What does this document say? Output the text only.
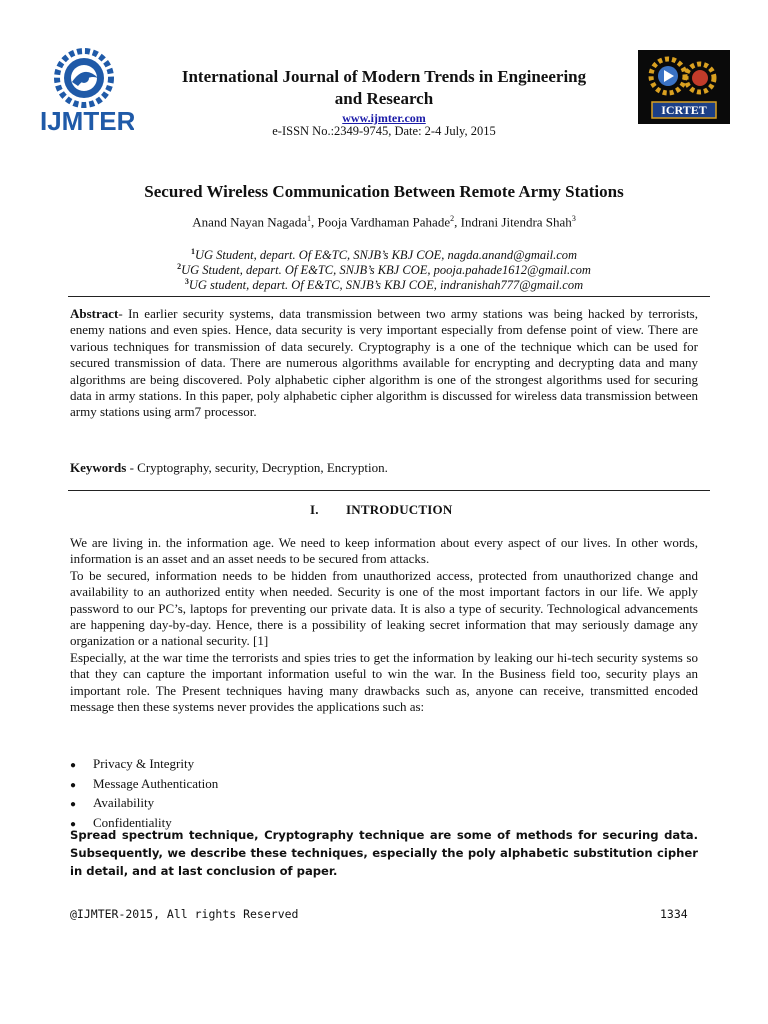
IJMTER
International Journal of Modern Trends in Engineering
and Research
www.ijmter.com
e-ISSN No.:2349-9745, Date: 2-4 July, 2015
ICRTET
Secured Wireless Communication Between Remote Army Stations
Anand Nayan Nagada$^1$, Pooja Vardhaman Pahade$^2$, Indrani Jitendra Shah$^3$
$^1$UG Student, depart. Of E&TC, SNJB’s KBJ COE, nagda.anand@gmail.com
$^2$UG Student, depart. Of E&TC, SNJB’s KBJ COE, pooja.pahade1612@gmail.com
$^3$UG student, depart. Of E&TC, SNJB’s KBJ COE, indranishah777@gmail.com
Abstract- In earlier security systems, data transmission between two army stations was being hacked by terrorists, enemy nations and even spies. Hence, data security is very important especially from defense point of view. There are various techniques for transmission of data securely. Cryptography is a one of the technique which can be used for secured transmission of data. There are numerous algorithms available for encrypting and decrypting data and many algorithms are being discovered. Poly alphabetic cipher algorithm is one of the strongest algorithms used for securing data in army stations. In this paper, poly alphabetic cipher algorithm is discussed for wireless data transmission between army stations using arm7 processor.
Keywords - Cryptography, security, Decryption, Encryption.
I. INTRODUCTION

We are living in. the information age. We need to keep information about every aspect of our lives. In other words, information is an asset and an asset needs to be secured from attacks.

To be secured, information needs to be hidden from unauthorized access, protected from unauthorized change and availability to an authorized entity when needed. Security is one of the most important factors in our life. We apply password to our PC’s, laptops for preventing our private data. It is also a type of security. Technological advancements are happening day-by-day. Hence, there is a possibility of leaking secret information that may seriously damage any organization or a national security. [1]

Especially, at the war time the terrorists and spies tries to get the information by leaking our hi-tech security systems so that they can capture the important information useful to win the war. In the Business field too, security plays an important role. The Present techniques having many drawbacks such as, anyone can receive, transmitted encoded message then these systems never provides the applications such as:

●	Privacy & Integrity
●	Message Authentication
●	Availability
●	Confidentiality
Spread spectrum technique, Cryptography technique are some of methods for securing data. Subsequently, we describe these techniques, especially the poly alphabetic substitution cipher in detail, and at last conclusion of paper.
@IJMTER-2015, All rights Reserved	1334
